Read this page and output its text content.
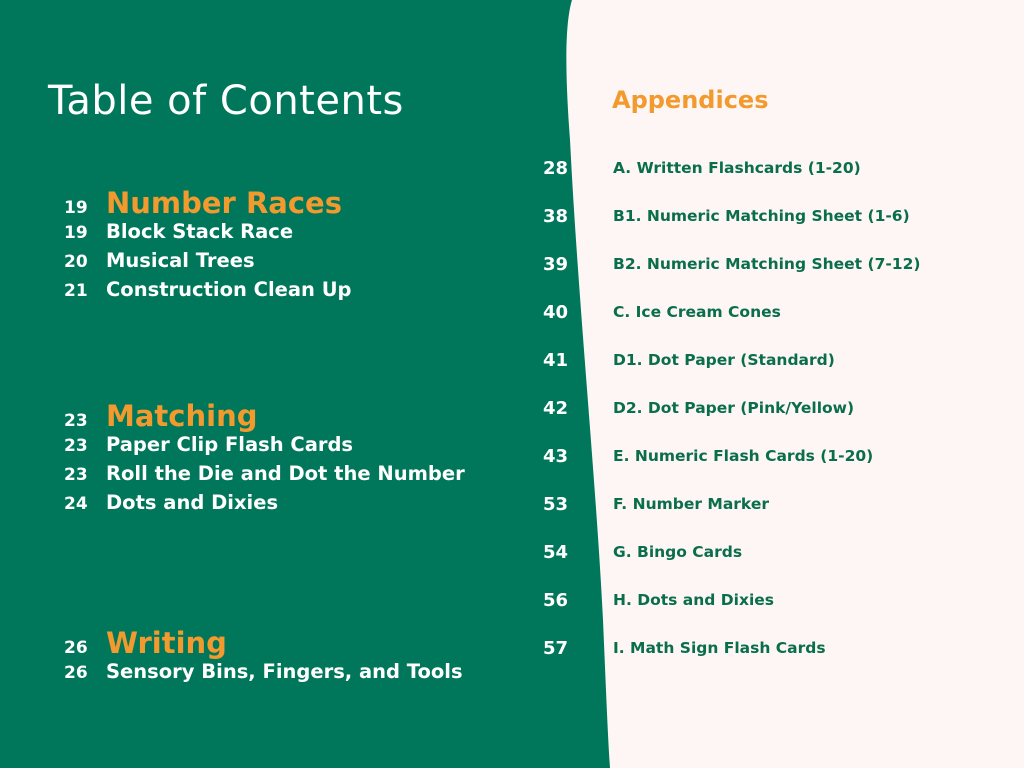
Table of Contents
19 Number Races
19 Block Stack Race
20 Musical Trees
21 Construction Clean Up
23 Matching
23 Paper Clip Flash Cards
23 Roll the Die and Dot the Number
24 Dots and Dixies
26 Writing
26 Sensory Bins, Fingers, and Tools
Appendices
28	A. Written Flashcards (1-20)
38	B1. Numeric Matching Sheet (1-6)
39	B2. Numeric Matching Sheet (7-12)
40	C. Ice Cream Cones
41	D1. Dot Paper (Standard)
42	D2. Dot Paper (Pink/Yellow)
43	E. Numeric Flash Cards (1-20)
53	F. Number Marker
54	G. Bingo Cards
56	H. Dots and Dixies
57	I. Math Sign Flash Cards
